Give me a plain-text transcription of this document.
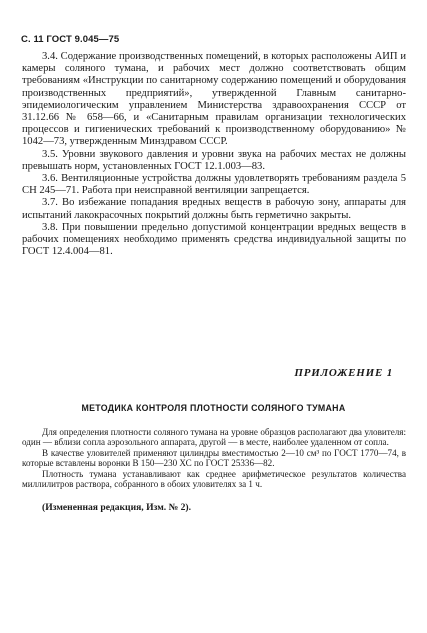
С. 11 ГОСТ 9.045—75

3.4. Содержание производственных помещений, в которых расположены АИП и камеры соляного тумана, и рабочих мест должно соответствовать общим требованиям «Инструкции по санитарному содержанию помещений и оборудования производственных предприятий», утвержденной Главным санитарно-эпидемиологическим управлением Министерства здравоохранения СССР от 31.12.66 № 658—66, и «Санитарным правилам организации технологических процессов и гигиенических требований к производственному оборудованию» № 1042—73, утвержденным Минздравом СССР.

3.5. Уровни звукового давления и уровни звука на рабочих местах не должны превышать норм, установленных ГОСТ 12.1.003—83.

3.6. Вентиляционные устройства должны удовлетворять требованиям раздела 5 СН 245—71. Работа при неисправной вентиляции запрещается.

3.7. Во избежание попадания вредных веществ в рабочую зону, аппараты для испытаний лакокрасочных покрытий должны быть герметично закрыты.

3.8. При повышении предельно допустимой концентрации вредных веществ в рабочих помещениях необходимо применять средства индивидуальной защиты по ГОСТ 12.4.004—81.

ПРИЛОЖЕНИЕ 1
МЕТОДИКА КОНТРОЛЯ ПЛОТНОСТИ СОЛЯНОГО ТУМАНА

Для определения плотности соляного тумана на уровне образцов располагают два уловителя: один — вблизи сопла аэрозольного аппарата, другой — в месте, наиболее удаленном от сопла.

В качестве уловителей применяют цилиндры вместимостью 2—10 см³ по ГОСТ 1770—74, в которые вставлены воронки В 150—230 ХС по ГОСТ 25336—82.

Плотность тумана устанавливают как среднее арифметическое результатов количества миллилитров раствора, собранного в обоих уловителях за 1 ч.

(Измененная редакция, Изм. № 2).
